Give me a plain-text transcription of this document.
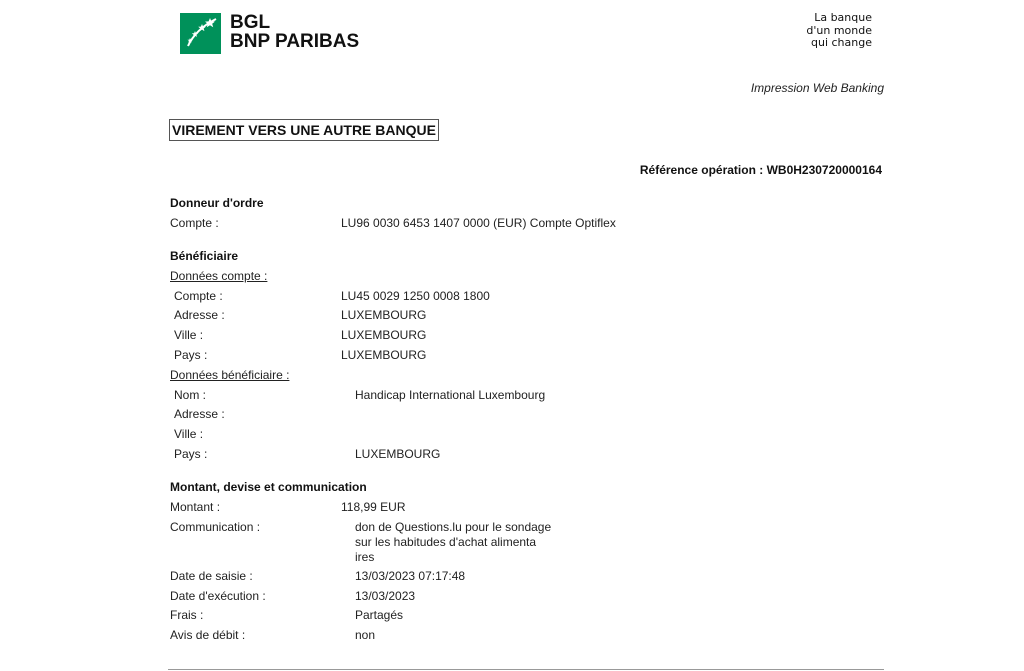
BGL
BNP PARIBAS
La banque
d'un monde
qui change
Impression Web Banking
VIREMENT VERS UNE AUTRE BANQUE
Référence opération : WB0H230720000164
Donneur d'ordre
Compte :	LU96 0030 6453 1407 0000 (EUR) Compte Optiflex
Bénéficiaire
Données compte :
Compte :	LU45 0029 1250 0008 1800
Adresse :	LUXEMBOURG
Ville :	LUXEMBOURG
Pays :	LUXEMBOURG
Données bénéficiaire :
Nom :	Handicap International Luxembourg
Adresse :
Ville :
Pays :	LUXEMBOURG
Montant, devise et communication
Montant :	118,99 EUR
Communication :	don de Questions.lu pour le sondage
sur les habitudes d'achat alimenta
ires
Date de saisie :	13/03/2023 07:17:48
Date d'exécution :	13/03/2023
Frais :	Partagés
Avis de débit :	non
